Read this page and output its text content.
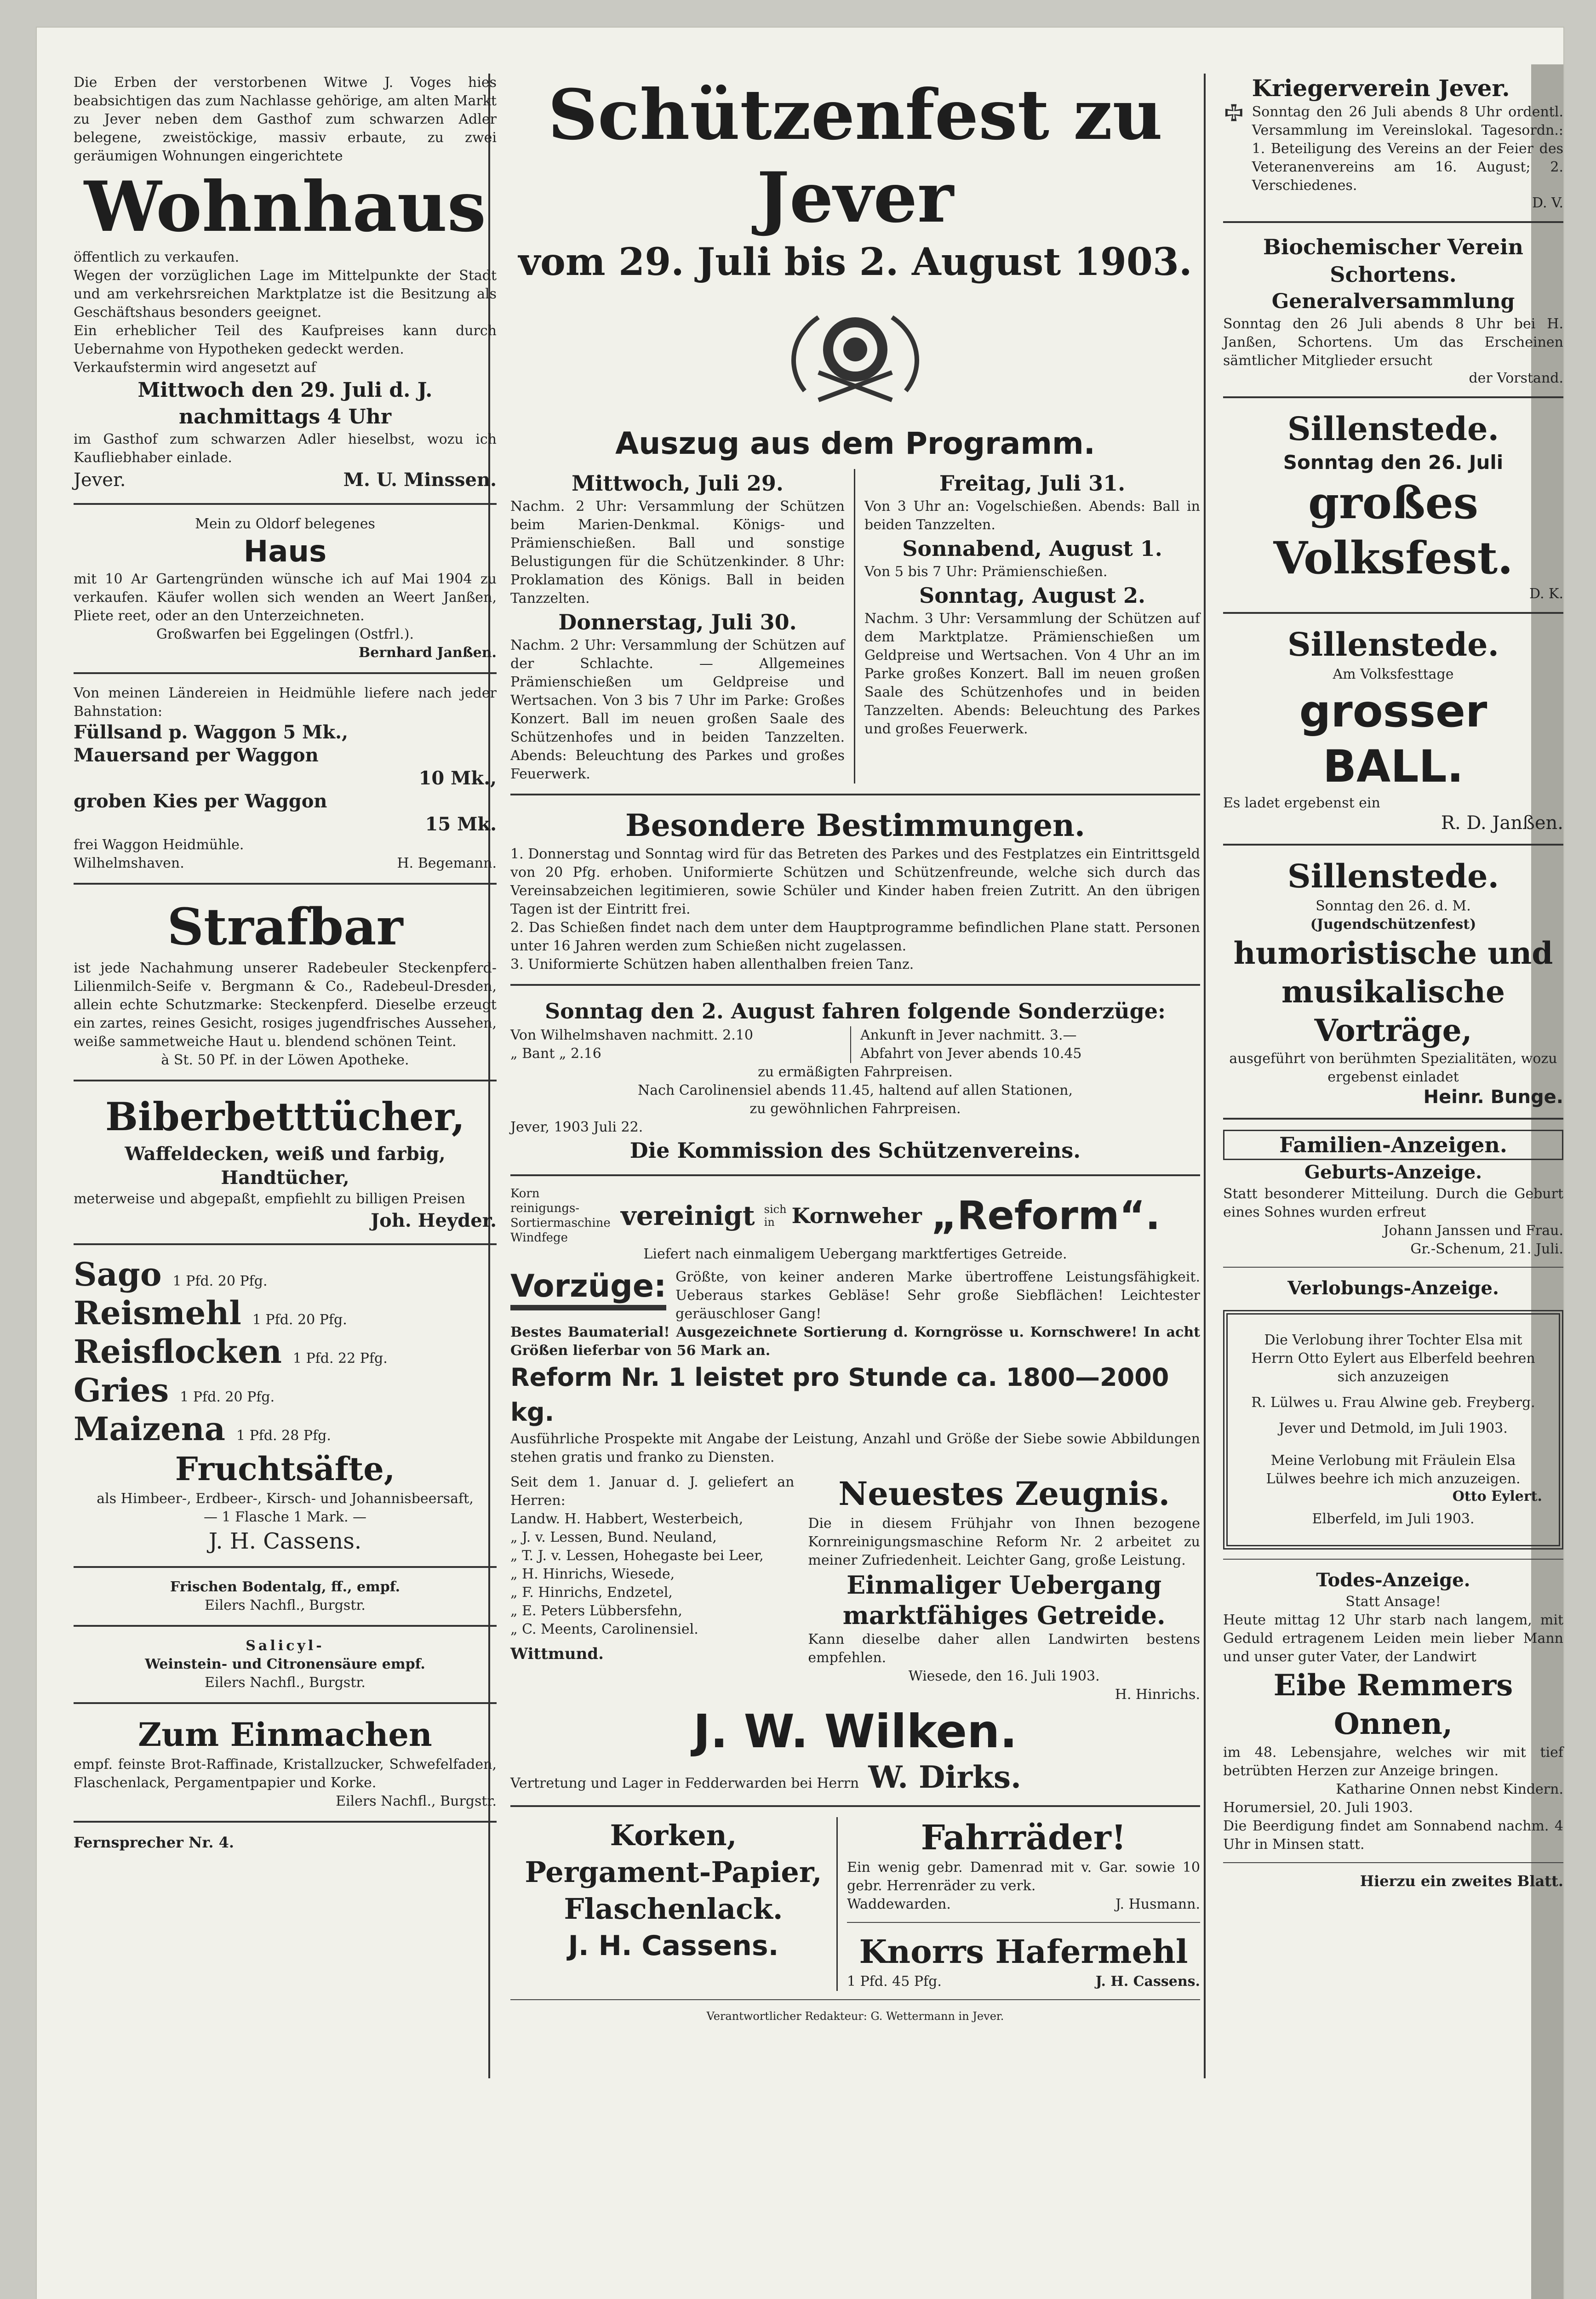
Die Erben der verstorbenen Witwe J. Voges hies beabsichtigen das zum Nachlasse gehörige, am alten Markt zu Jever neben dem Gasthof zum schwarzen Adler belegene, zweistöckige, massiv erbaute, zu zwei geräumigen Wohnungen eingerichtete

Wohnhaus

öffentlich zu verkaufen.

Wegen der vorzüglichen Lage im Mittelpunkte der Stadt und am verkehrsreichen Marktplatze ist die Besitzung als Geschäftshaus besonders geeignet.

Ein erheblicher Teil des Kaufpreises kann durch Uebernahme von Hypotheken gedeckt werden.

Verkaufstermin wird angesetzt auf

Mittwoch den 29. Juli d. J.

nachmittags 4 Uhr

im Gasthof zum schwarzen Adler hieselbst, wozu ich Kaufliebhaber einlade.

Jever.	M. U. Minssen.

Mein zu Oldorf belegenes

Haus

mit 10 Ar Gartengründen wünsche ich auf Mai 1904 zu verkaufen. Käufer wollen sich wenden an Weert Janßen, Pliete reet, oder an den Unterzeichneten.

Großwarfen bei Eggelingen (Ostfrl.).

Bernhard Janßen.

Von meinen Ländereien in Heidmühle liefere nach jeder Bahnstation:

Füllsand p. Waggon 5 Mk.,

Mauersand per Waggon

10 Mk.,

groben Kies per Waggon

15 Mk.

frei Waggon Heidmühle.

Wilhelmshaven.	H. Begemann.

Strafbar

ist jede Nachahmung unserer Radebeuler Steckenpferd-Lilienmilch-Seife v. Bergmann & Co., Radebeul-Dresden, allein echte Schutzmarke: Steckenpferd. Dieselbe erzeugt ein zartes, reines Gesicht, rosiges jugendfrisches Aussehen, weiße sammetweiche Haut u. blendend schönen Teint.

à St. 50 Pf. in der Löwen Apotheke.

Biberbetttücher,

Waffeldecken, weiß und farbig,

Handtücher,

meterweise und abgepaßt, empfiehlt zu billigen Preisen

Joh. Heyder.

Sago 1 Pfd. 20 Pfg.
Reismehl 1 Pfd. 20 Pfg.
Reisflocken 1 Pfd. 22 Pfg.
Gries 1 Pfd. 20 Pfg.
Maizena 1 Pfd. 28 Pfg.

Fruchtsäfte,

als Himbeer-, Erdbeer-, Kirsch- und Johannisbeersaft,

— 1 Flasche 1 Mark. —

J. H. Cassens.

Frischen Bodentalg, ff., empf.

Eilers Nachfl., Burgstr.

Salicyl-

Weinstein- und Citronensäure empf.

Eilers Nachfl., Burgstr.

Zum Einmachen

empf. feinste Brot-Raffinade, Kristallzucker, Schwefelfaden, Flaschenlack, Pergamentpapier und Korke.

Eilers Nachfl., Burgstr.

Fernsprecher Nr. 4.

Schützenfest zu Jever

vom 29. Juli bis 2. August 1903.

Auszug aus dem Programm.

Mittwoch, Juli 29.

Nachm. 2 Uhr: Versammlung der Schützen beim Marien-Denkmal. Königs- und Prämienschießen. Ball und sonstige Belustigungen für die Schützenkinder. 8 Uhr: Proklamation des Königs. Ball in beiden Tanzzelten.

Donnerstag, Juli 30.

Nachm. 2 Uhr: Versammlung der Schützen auf der Schlachte. — Allgemeines Prämienschießen um Geldpreise und Wertsachen. Von 3 bis 7 Uhr im Parke: Großes Konzert. Ball im neuen großen Saale des Schützenhofes und in beiden Tanzzelten. Abends: Beleuchtung des Parkes und großes Feuerwerk.

Freitag, Juli 31.

Von 3 Uhr an: Vogelschießen. Abends: Ball in beiden Tanzzelten.

Sonnabend, August 1.

Von 5 bis 7 Uhr: Prämienschießen.

Sonntag, August 2.

Nachm. 3 Uhr: Versammlung der Schützen auf dem Marktplatze. Prämienschießen um Geldpreise und Wertsachen. Von 4 Uhr an im Parke großes Konzert. Ball im neuen großen Saale des Schützenhofes und in beiden Tanzzelten. Abends: Beleuchtung des Parkes und großes Feuerwerk.

Besondere Bestimmungen.

1. Donnerstag und Sonntag wird für das Betreten des Parkes und des Festplatzes ein Eintrittsgeld von 20 Pfg. erhoben. Uniformierte Schützen und Schützenfreunde, welche sich durch das Vereinsabzeichen legitimieren, sowie Schüler und Kinder haben freien Zutritt. An den übrigen Tagen ist der Eintritt frei.

2. Das Schießen findet nach dem unter dem Hauptprogramme befindlichen Plane statt. Personen unter 16 Jahren werden zum Schießen nicht zugelassen.

3. Uniformierte Schützen haben allenthalben freien Tanz.

Sonntag den 2. August fahren folgende Sonderzüge:

Von Wilhelmshaven nachmitt. 2.10

„ Bant „ 2.16

Ankunft in Jever nachmitt. 3.—

Abfahrt von Jever abends 10.45

zu ermäßigten Fahrpreisen.

Nach Carolinensiel abends 11.45, haltend auf allen Stationen,

zu gewöhnlichen Fahrpreisen.

Jever, 1903 Juli 22.

Die Kommission des Schützenvereins.

Korn reinigungs- Sortiermaschine Windfege

vereinigt sich in Kornweher „Reform“.

Liefert nach einmaligem Uebergang marktfertiges Getreide.

Vorzüge: Größte, von keiner anderen Marke übertroffene Leistungsfähigkeit. Ueberaus starkes Gebläse! Sehr große Siebflächen! Leichtester geräuschloser Gang!

Bestes Baumaterial! Ausgezeichnete Sortierung d. Korngrösse u. Kornschwere! In acht Größen lieferbar von 56 Mark an.

Reform Nr. 1 leistet pro Stunde ca. 1800—2000 kg.

Ausführliche Prospekte mit Angabe der Leistung, Anzahl und Größe der Siebe sowie Abbildungen stehen gratis und franko zu Diensten.

Seit dem 1. Januar d. J. geliefert an Herren:

Landw. H. Habbert, Westerbeich,

„ J. v. Lessen, Bund. Neuland,

„ T. J. v. Lessen, Hohegaste bei Leer,

„ H. Hinrichs, Wiesede,

„ F. Hinrichs, Endzetel,

„ E. Peters Lübbersfehn,

„ C. Meents, Carolinensiel.

Wittmund.

Neuestes Zeugnis.

Die in diesem Frühjahr von Ihnen bezogene Kornreinigungsmaschine Reform Nr. 2 arbeitet zu meiner Zufriedenheit. Leichter Gang, große Leistung.

Einmaliger Uebergang marktfähiges Getreide.

Kann dieselbe daher allen Landwirten bestens empfehlen.

Wiesede, den 16. Juli 1903.

H. Hinrichs.

J. W. Wilken.

Vertretung und Lager in Fedderwarden bei Herrn W. Dirks.

Korken,

Pergament-Papier,

Flaschenlack.

J. H. Cassens.

Fahrräder!

Ein wenig gebr. Damenrad mit v. Gar. sowie 10 gebr. Herrenräder zu verk.

Waddewarden.	J. Husmann.

Knorrs Hafermehl

1 Pfd. 45 Pfg.	J. H. Cassens.

Verantwortlicher Redakteur: G. Wettermann in Jever.

Kriegerverein Jever.

Sonntag den 26 Juli abends 8 Uhr ordentl. Versammlung im Vereinslokal. Tagesordn.: 1. Beteiligung des Vereins an der Feier des Veteranenvereins am 16. August; 2. Verschiedenes.

D. V.

Biochemischer Verein Schortens.

Generalversammlung

Sonntag den 26 Juli abends 8 Uhr bei H. Janßen, Schortens. Um das Erscheinen sämtlicher Mitglieder ersucht

der Vorstand.

Sillenstede.

Sonntag den 26. Juli

großes Volksfest.

D. K.

Sillenstede.

Am Volksfesttage

grosser BALL.

Es ladet ergebenst ein

R. D. Janßen.

Sillenstede.

Sonntag den 26. d. M.

(Jugendschützenfest)

humoristische und

musikalische Vorträge,

ausgeführt von berühmten Spezialitäten, wozu ergebenst einladet

Heinr. Bunge.

Familien-Anzeigen.

Geburts-Anzeige.

Statt besonderer Mitteilung. Durch die Geburt eines Sohnes wurden erfreut

Johann Janssen und Frau.

Gr.-Schenum, 21. Juli.

Verlobungs-Anzeige.

Die Verlobung ihrer Tochter Elsa mit Herrn Otto Eylert aus Elberfeld beehren sich anzuzeigen

R. Lülwes u. Frau Alwine geb. Freyberg.

Jever und Detmold, im Juli 1903.

Meine Verlobung mit Fräulein Elsa Lülwes beehre ich mich anzuzeigen.

Otto Eylert.

Elberfeld, im Juli 1903.

Todes-Anzeige.

Statt Ansage!

Heute mittag 12 Uhr starb nach langem, mit Geduld ertragenem Leiden mein lieber Mann und unser guter Vater, der Landwirt

Eibe Remmers Onnen,

im 48. Lebensjahre, welches wir mit tief betrübten Herzen zur Anzeige bringen.

Katharine Onnen nebst Kindern.

Horumersiel, 20. Juli 1903.

Die Beerdigung findet am Sonnabend nachm. 4 Uhr in Minsen statt.

Hierzu ein zweites Blatt.
